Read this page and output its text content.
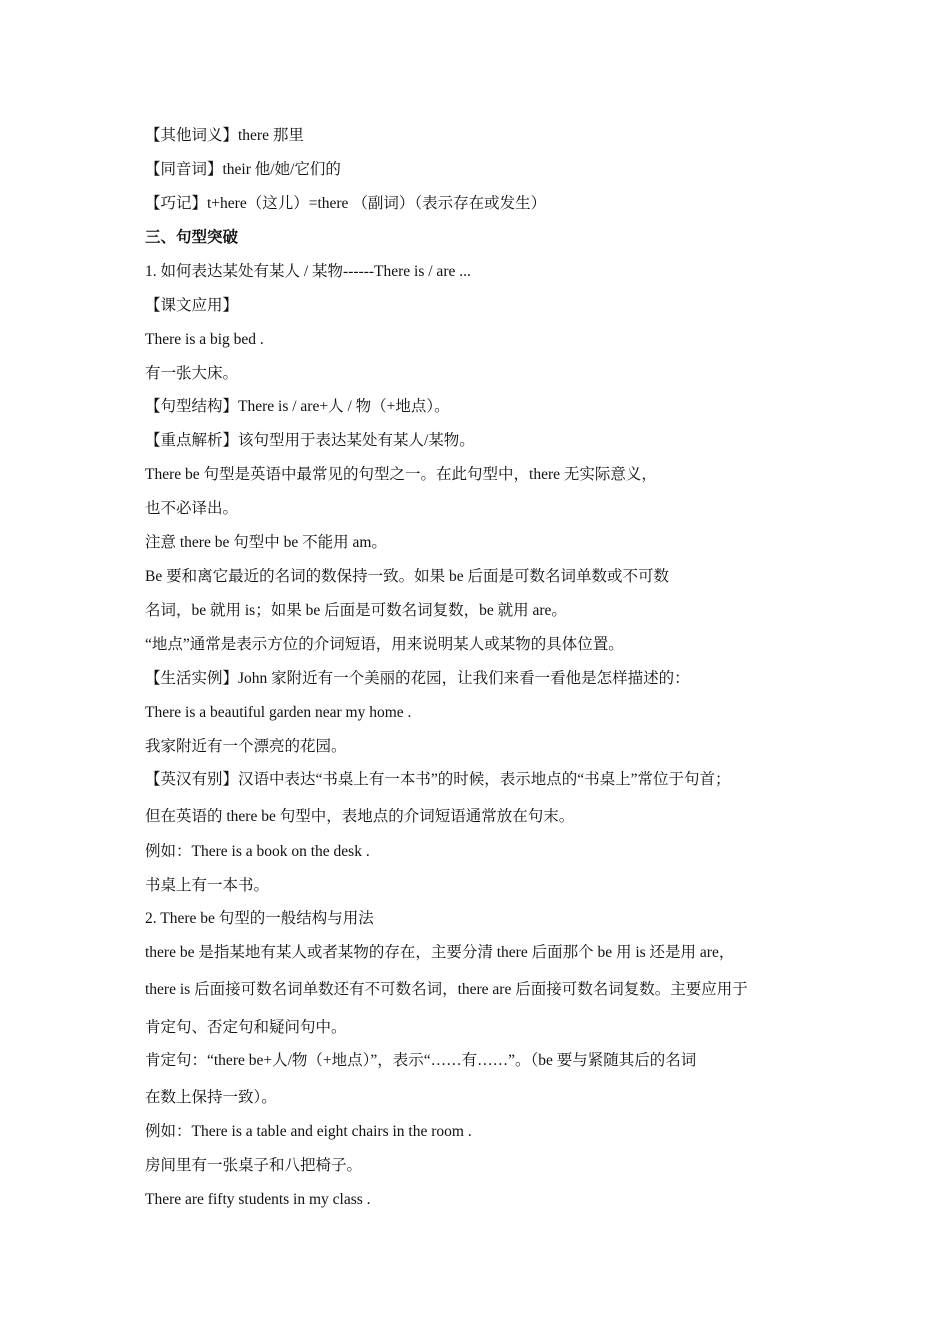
【其他词义】there 那里
【同音词】their 他/她/它们的
【巧记】t+here（这儿）=there （副词）（表示存在或发生）
三、句型突破
1. 如何表达某处有某人 / 某物------There is / are ...
【课文应用】
There is a big bed .
有一张大床。
【句型结构】There is / are+人 / 物（+地点）。
【重点解析】该句型用于表达某处有某人/某物。
There be 句型是英语中最常见的句型之一。在此句型中，there 无实际意义，
也不必译出。
注意 there be 句型中 be 不能用 am。
Be 要和离它最近的名词的数保持一致。如果 be 后面是可数名词单数或不可数
名词，be 就用 is；如果 be 后面是可数名词复数，be 就用 are。
“地点”通常是表示方位的介词短语，用来说明某人或某物的具体位置。
【生活实例】John 家附近有一个美丽的花园，让我们来看一看他是怎样描述的：
There is a beautiful garden near my home .
我家附近有一个漂亮的花园。
【英汉有别】汉语中表达“书桌上有一本书”的时候，表示地点的“书桌上”常位于句首；
但在英语的 there be 句型中，表地点的介词短语通常放在句末。
例如：There is a book on the desk .
书桌上有一本书。
2. There be 句型的一般结构与用法
there be 是指某地有某人或者某物的存在，主要分清 there 后面那个 be 用 is 还是用 are，
there is 后面接可数名词单数还有不可数名词，there are 后面接可数名词复数。主要应用于
肯定句、否定句和疑问句中。
肯定句：“there be+人/物（+地点）”，表示“……有……”。（be 要与紧随其后的名词
在数上保持一致）。
例如：There is a table and eight chairs in the room .
房间里有一张桌子和八把椅子。
There are fifty students in my class .
